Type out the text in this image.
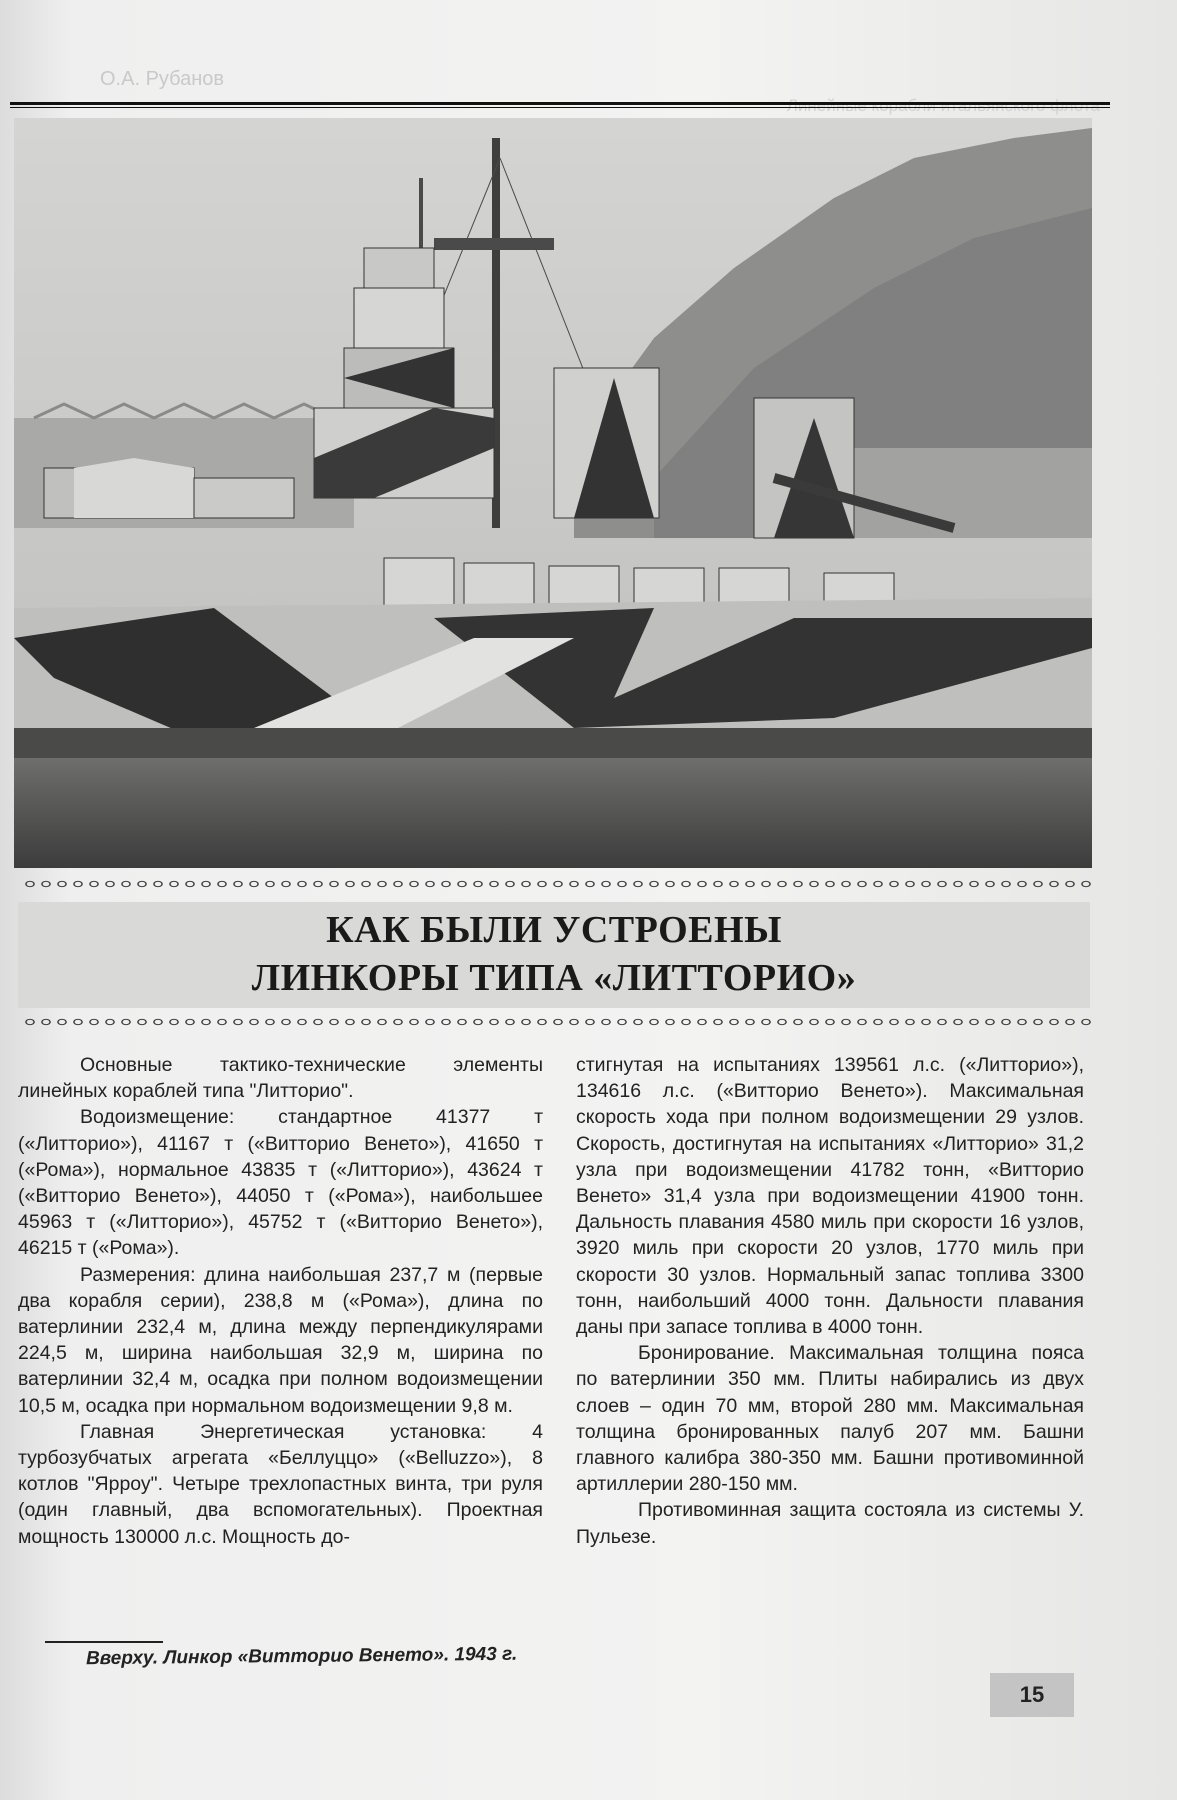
О.А. Рубанов
Линейные корабли итальянского флота
КАК БЫЛИ УСТРОЕНЫ
ЛИНКОРЫ ТИПА «ЛИТТОРИО»

Основные тактико-технические элементы линейных кораблей типа "Литторио".

Водоизмещение: стандартное 41377 т («Литторио»), 41167 т («Витторио Венето»), 41650 т («Рома»), нормальное 43835 т («Литторио»), 43624 т («Витторио Венето»), 44050 т («Рома»), наибольшее 45963 т («Литторио»), 45752 т («Витторио Венето»), 46215 т («Рома»).

Размерения: длина наибольшая 237,7 м (первые два корабля серии), 238,8 м («Рома»), длина по ватерлинии 232,4 м, длина между перпендикулярами 224,5 м, ширина наибольшая 32,9 м, ширина по ватерлинии 32,4 м, осадка при полном водоизмещении 10,5 м, осадка при нормальном водоизмещении 9,8 м.

Главная Энергетическая установка: 4 турбозубчатых агрегата «Беллуццо» («Belluzzo»), 8 котлов "Ярроу". Четыре трехлопастных винта, три руля (один главный, два вспомогательных). Проектная мощность 130000 л.с. Мощность до-

стигнутая на испытаниях 139561 л.с. («Литторио»), 134616 л.с. («Витторио Венето»). Максимальная скорость хода при полном водоизмещении 29 узлов. Скорость, достигнутая на испытаниях «Литторио» 31,2 узла при водоизмещении 41782 тонн, «Витторио Венето» 31,4 узла при водоизмещении 41900 тонн. Дальность плавания 4580 миль при скорости 16 узлов, 3920 миль при скорости 20 узлов, 1770 миль при скорости 30 узлов. Нормальный запас топлива 3300 тонн, наибольший 4000 тонн. Дальности плавания даны при запасе топлива в 4000 тонн.

Бронирование. Максимальная толщина пояса по ватерлинии 350 мм. Плиты набирались из двух слоев – один 70 мм, второй 280 мм. Максимальная толщина бронированных палуб 207 мм. Башни главного калибра 380-350 мм. Башни противоминной артиллерии 280-150 мм.

Противоминная защита состояла из системы У. Пульезе.

Вверху. Линкор «Витторио Венето». 1943 г.
15
